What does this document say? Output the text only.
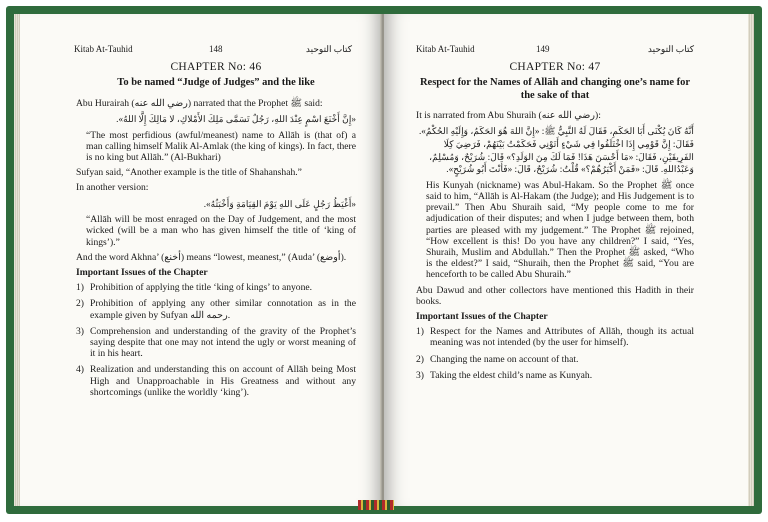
Kitab At-Tauhid	148	كتاب التوحيد
CHAPTER No: 46
To be named “Judge of Judges” and the like

Abu Hurairah (رضي الله عنه) narrated that the Prophet ﷺ said:

«إِنَّ أَخْنَعَ اسْمٍ عِنْدَ اللهِ، رَجُلٌ تَسَمَّى مَلِكَ الأَمْلاكِ، لا مَالِكَ إِلَّا اللهُ».

“The most perfidious (awful/meanest) name to Allāh is (that of) a man calling himself Malik Al-Amlak (the king of kings). In fact, there is no king but Allāh.” (Al-Bukhari)

Sufyan said, “Another example is the title of Shahanshah.”

In another version:

«أَغْيَظُ رَجُلٍ عَلَى اللهِ يَوْمَ القِيَامَةِ وَأَخْبَثُهُ».

“Allāh will be most enraged on the Day of Judgement, and the most wicked (will be a man who has given himself the title of ‘king of kings’).”

And the word Akhna’ (أخنع) means “lowest, meanest,” (Auda’ (أوضع).

Important Issues of the Chapter

1) Prohibition of applying the title ‘king of kings’ to anyone.
2) Prohibition of applying any other similar connotation as in the example given by Sufyan رحمه الله.
3) Comprehension and understanding of the gravity of the Prophet’s saying despite that one may not intend the ugly or worst meaning of it in his heart.
4) Realization and understanding this on account of Allāh being Most High and Unapproachable in His Greatness and without any shortcomings (unlike the worldly ‘king’).
Kitab At-Tauhid	149	كتاب التوحيد
CHAPTER No: 47
Respect for the Names of Allāh and changing one’s name for the sake of that

It is narrated from Abu Shuraih (رضي الله عنه):

أَنَّهُ كَانَ يُكْنَى أَبَا الحَكَمِ، فَقَالَ لَهُ النَّبِيُّ ﷺ: «إِنَّ اللهَ هُوَ الحَكَمُ، وَإِلَيْهِ الحُكْمُ». فَقَالَ: إِنَّ قَوْمِي إِذَا اخْتَلَفُوا فِي شَيْءٍ أَتَوْنِي فَحَكَمْتُ بَيْنَهُمْ، فَرَضِيَ كِلَا الفَرِيقَيْنِ، فَقَالَ: «مَا أَحْسَنَ هَذَا! فَمَا لَكَ مِنَ الوَلَدِ؟» قَالَ: شُرَيْحٌ، وَمُسْلِمٌ، وَعَبْدُاللهِ. قَالَ: «فَمَنْ أَكْبَرُهُمْ؟» قُلْتُ: شُرَيْحٌ، قَالَ: «فَأَنْتَ أَبُو شُرَيْحٍ».

His Kunyah (nickname) was Abul-Hakam. So the Prophet ﷺ once said to him, “Allāh is Al-Hakam (the Judge); and His Judgement is to prevail.” Then Abu Shuraih said, “My people come to me for adjudication of their disputes; and when I judge between them, both parties are pleased with my judgement.” The Prophet ﷺ rejoined, “How excellent is this! Do you have any children?” I said, “Yes, Shuraih, Muslim and Abdullah.” Then the Prophet ﷺ asked, “Who is the eldest?” I said, “Shuraih, then the Prophet ﷺ said, “You are henceforth to be called Abu Shuraih.”

Abu Dawud and other collectors have mentioned this Hadith in their books.

Important Issues of the Chapter

1) Respect for the Names and Attributes of Allāh, though its actual meaning was not intended (by the user for himself).
2) Changing the name on account of that.
3) Taking the eldest child’s name as Kunyah.
